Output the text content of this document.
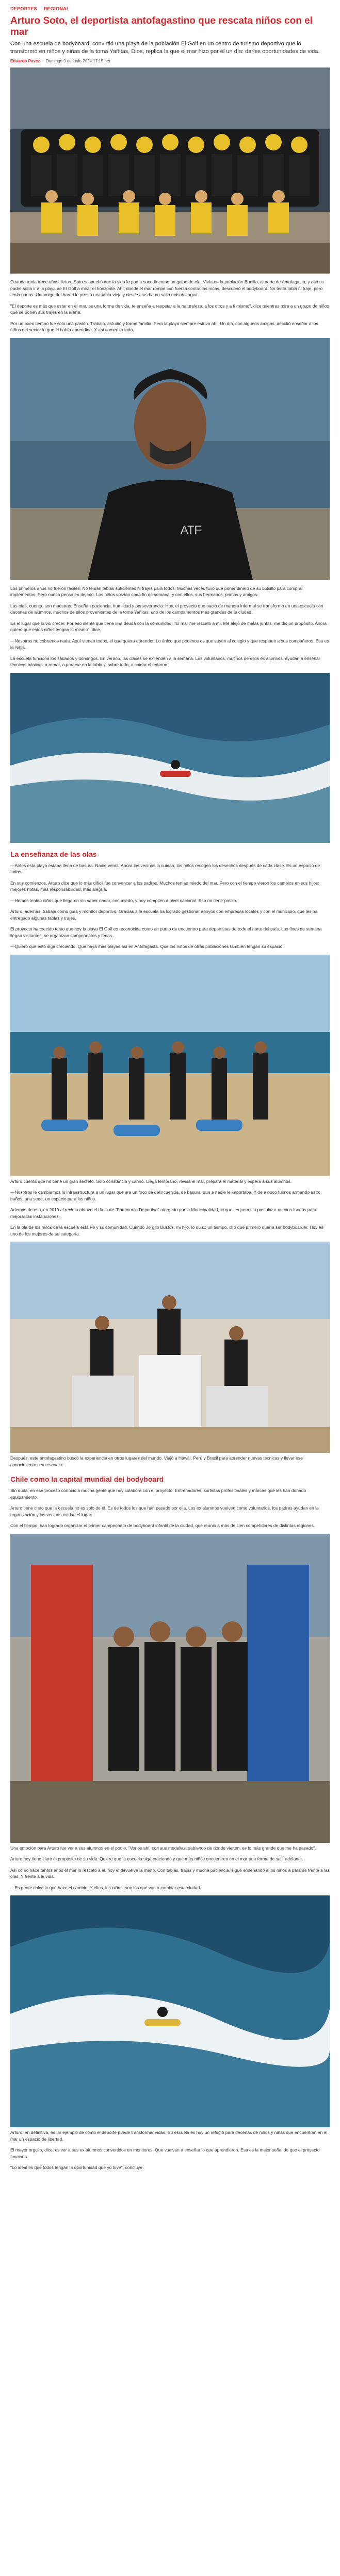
DEPORTES REGIONAL
Arturo Soto, el deportista antofagastino que rescata niños con el mar
Con una escuela de bodyboard, convirtió una playa de la población El Golf en un centro de turismo deportivo que lo transformó en niños y niñas de la toma Yañitas, Dios, replica la que el mar hizo por él un día: darles oportunidades de vida.
Eduardo Pavez  ·  Domingo 9 de junio 2024 17:15 hrs

Cuando tenía trece años, Arturo Soto sospechó que la vida le podía sacudir como un golpe de ola. Vivía en la población Bonilla, al norte de Antofagasta, y con su padre solía ir a la playa de El Golf a mirar el horizonte. Ahí, donde el mar rompe con fuerza contra las rocas, descubrió el bodyboard. No tenía tabla ni traje, pero tenía ganas. Un amigo del barrio le prestó una tabla vieja y desde ese día no salió más del agua.

"El deporte es más que estar en el mar, es una forma de vida, te enseña a respetar a la naturaleza, a los otros y a ti mismo", dice mientras mira a un grupo de niños que se ponen sus trajes en la arena.

Por un buen tiempo fue solo una pasión. Trabajó, estudió y formó familia. Pero la playa siempre estuvo ahí. Un día, con algunos amigos, decidió enseñar a los niños del sector lo que él había aprendido. Y así comenzó todo.

ATF

Los primeros años no fueron fáciles. No tenían tablas suficientes ni trajes para todos. Muchas veces tuvo que poner dinero de su bolsillo para comprar implementos. Pero nunca pensó en dejarlo. Los niños volvían cada fin de semana, y con ellos, sus hermanos, primos y amigos.

Las olas, cuenta, son maestras. Enseñan paciencia, humildad y perseverancia. Hoy, el proyecto que nació de manera informal se transformó en una escuela con decenas de alumnos, muchos de ellos provenientes de la toma Yañitas, uno de los campamentos más grandes de la ciudad.

Es el lugar que lo vio crecer. Por eso siente que tiene una deuda con la comunidad. "El mar me rescató a mí. Me alejó de malas juntas, me dio un propósito. Ahora quiero que estos niños tengan lo mismo", dice.

—Nosotros no cobramos nada. Aquí vienen todos, el que quiera aprender. Lo único que pedimos es que vayan al colegio y que respeten a sus compañeros. Esa es la regla.

La escuela funciona los sábados y domingos. En verano, las clases se extienden a la semana. Los voluntarios, muchos de ellos ex alumnos, ayudan a enseñar técnicas básicas, a remar, a pararse en la tabla y, sobre todo, a cuidar el entorno.

La enseñanza de las olas

—Antes esta playa estaba llena de basura. Nadie venía. Ahora los vecinos la cuidan, los niños recogen los desechos después de cada clase. Es un espacio de todos.

En sus comienzos, Arturo dice que lo más difícil fue convencer a los padres. Muchos tenían miedo del mar. Pero con el tiempo vieron los cambios en sus hijos: mejores notas, más responsabilidad, más alegría.

—Hemos tenido niños que llegaron sin saber nadar, con miedo, y hoy compiten a nivel nacional. Eso no tiene precio.

Arturo, además, trabaja como guía y monitor deportivo. Gracias a la escuela ha logrado gestionar apoyos con empresas locales y con el municipio, que les ha entregado algunas tablas y trajes.

El proyecto ha crecido tanto que hoy la playa El Golf es reconocida como un punto de encuentro para deportistas de todo el norte del país. Los fines de semana llegan visitantes, se organizan campeonatos y ferias.

—Quiero que esto siga creciendo. Que haya más playas así en Antofagasta. Que los niños de otras poblaciones también tengan su espacio.

Arturo cuenta que no tiene un gran secreto. Solo constancia y cariño. Llega temprano, revisa el mar, prepara el material y espera a sus alumnos.

—Nosotros le cambiamos la infraestructura a un lugar que era un foco de delincuencia, de basura, que a nadie le importaba. Y de a poco fuimos armando esto: baños, una sede, un espacio para los niños.

Además de eso, en 2019 el recinto obtuvo el título de "Patrimonio Deportivo" otorgado por la Municipalidad, lo que les permitió postular a nuevos fondos para mejorar las instalaciones.

En la ola de los niños de la escuela está Fe y su comunidad. Cuando Jorgito Bustos, mi hijo, lo quiso un tiempo, dijo que primero quería ser bodyboarder. Hoy es uno de los mejores de su categoría.

Después, este antofagastino buscó la experiencia en otros lugares del mundo. Viajó a Hawái, Perú y Brasil para aprender nuevas técnicas y llevar ese conocimiento a su escuela.

Chile como la capital mundial del bodyboard

Sin duda, en ese proceso conoció a mucha gente que hoy colabora con el proyecto. Entrenadores, surfistas profesionales y marcas que les han donado equipamiento.

Arturo tiene claro que la escuela no es solo de él. Es de todos los que han pasado por ella. Los ex alumnos vuelven como voluntarios, los padres ayudan en la organización y los vecinos cuidan el lugar.

Con el tiempo, han logrado organizar el primer campeonato de bodyboard infantil de la ciudad, que reunió a más de cien competidores de distintas regiones.

Una emoción para Arturo fue ver a sus alumnos en el podio. "Verlos ahí, con sus medallas, sabiendo de dónde vienen, es lo más grande que me ha pasado".

Arturo hoy tiene claro el propósito de su vida. Quiere que la escuela siga creciendo y que más niños encuentren en el mar una forma de salir adelante.

Así como hace tantos años el mar lo rescató a él, hoy él devuelve la mano. Con tablas, trajes y mucha paciencia, sigue enseñando a los niños a pararse frente a las olas. Y frente a la vida.

—Es gente chica la que hace el cambio. Y ellos, los niños, son los que van a cambiar esta ciudad.

Arturo, en definitiva, es un ejemplo de cómo el deporte puede transformar vidas. Su escuela es hoy un refugio para decenas de niños y niñas que encuentran en el mar un espacio de libertad.

El mayor orgullo, dice, es ver a sus ex alumnos convertidos en monitores. Que vuelvan a enseñar lo que aprendieron. Esa es la mejor señal de que el proyecto funciona.

"Lo ideal es que todos tengan la oportunidad que yo tuve", concluye.
